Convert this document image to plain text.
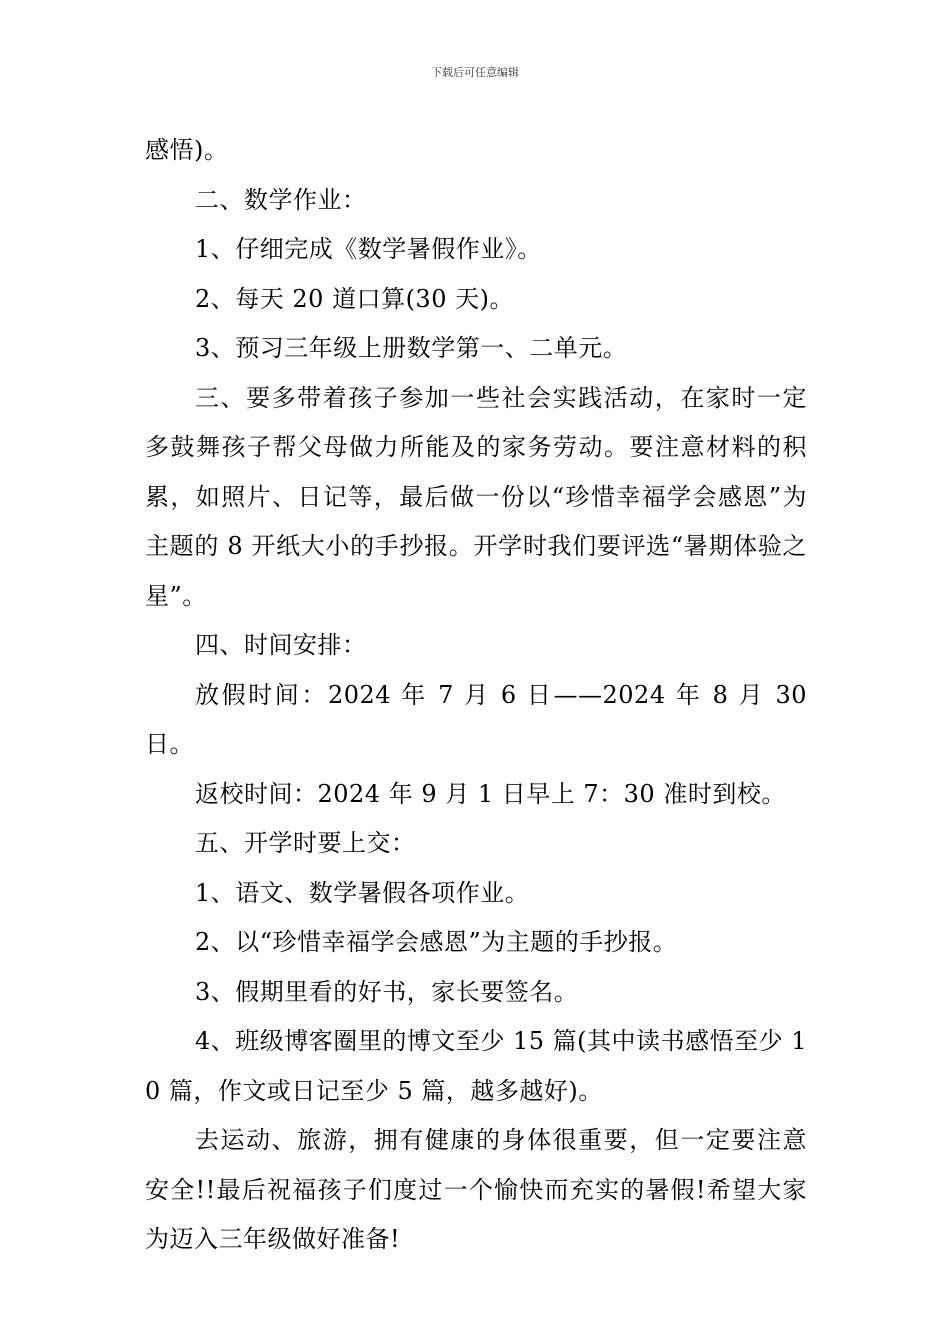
下载后可任意编辑

感悟)。

二、数学作业：

1、仔细完成《数学暑假作业》。

2、每天 20 道口算(30 天)。

3、预习三年级上册数学第一、二单元。

三、要多带着孩子参加一些社会实践活动，在家时一定多鼓舞孩子帮父母做力所能及的家务劳动。要注意材料的积累，如照片、日记等，最后做一份以“珍惜幸福学会感恩”为主题的 8 开纸大小的手抄报。开学时我们要评选“暑期体验之星”。

四、时间安排：

放假时间：2024 年 7 月 6 日——2024 年 8 月 30 日。

返校时间：2024 年 9 月 1 日早上 7：30 准时到校。

五、开学时要上交：

1、语文、数学暑假各项作业。

2、以“珍惜幸福学会感恩”为主题的手抄报。

3、假期里看的好书，家长要签名。

4、班级博客圈里的博文至少 15 篇(其中读书感悟至少 10 篇，作文或日记至少 5 篇，越多越好)。

去运动、旅游，拥有健康的身体很重要，但一定要注意安全!!最后祝福孩子们度过一个愉快而充实的暑假!希望大家为迈入三年级做好准备!
